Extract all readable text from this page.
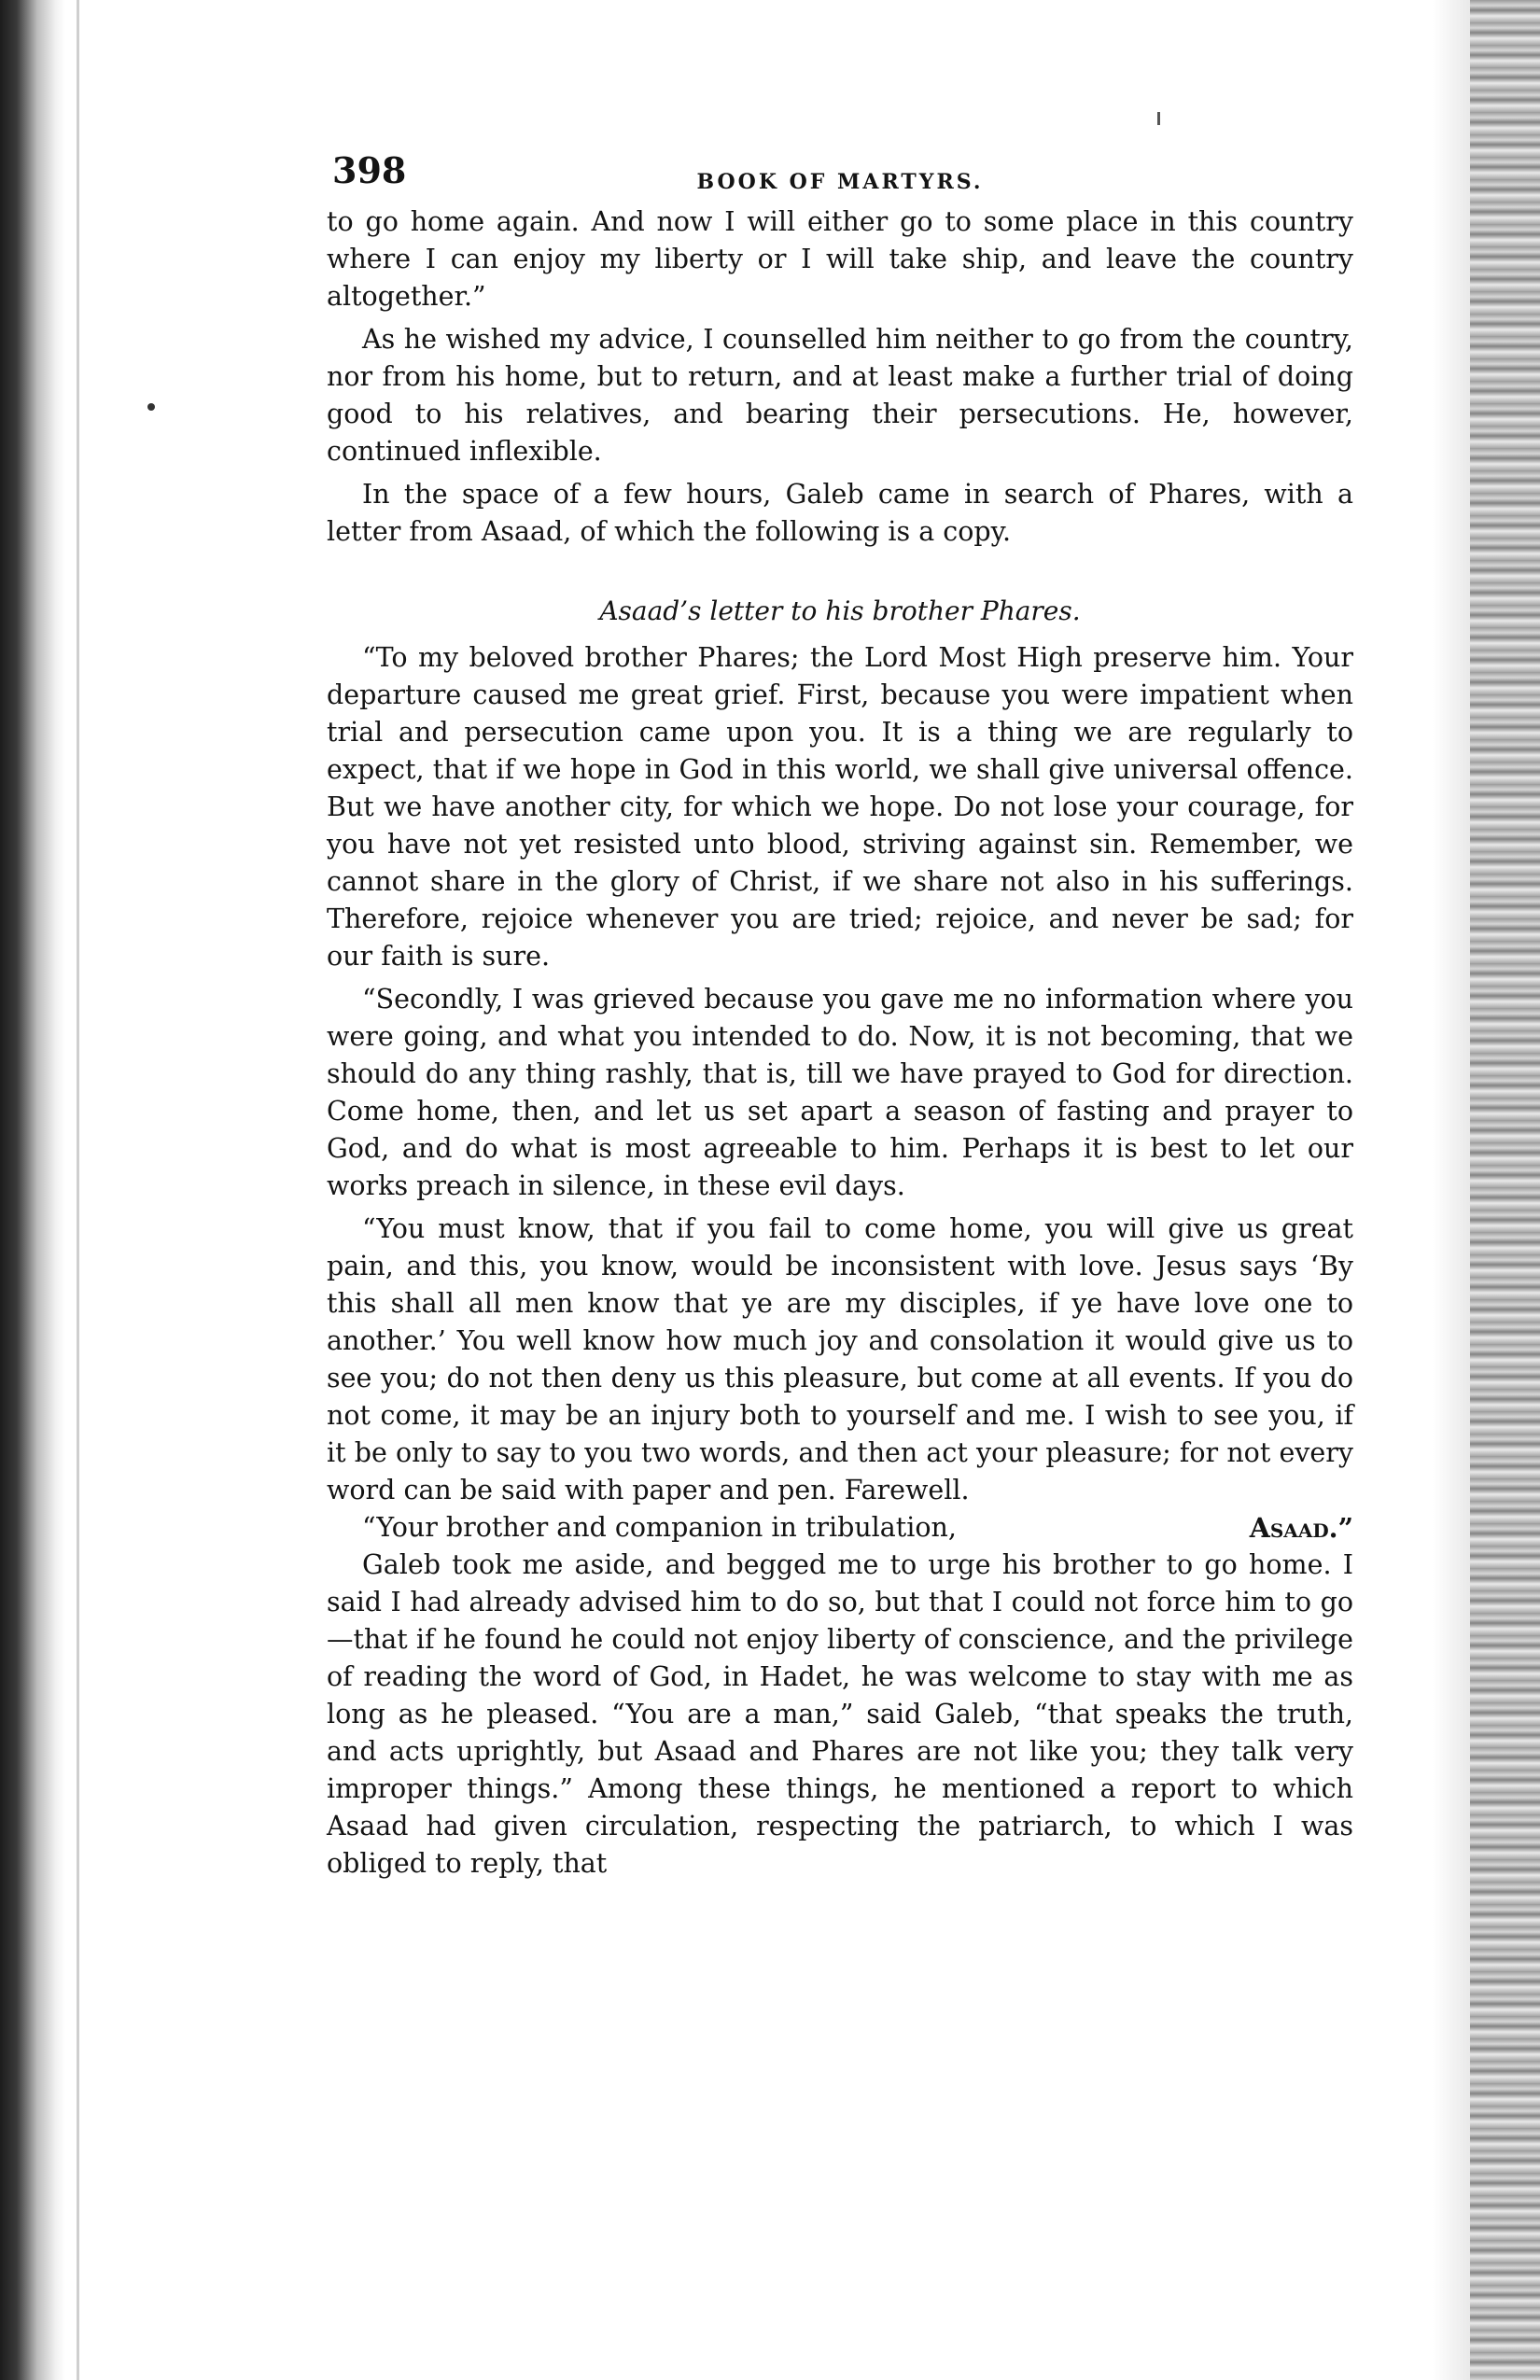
398	BOOK OF MARTYRS.

to go home again. And now I will either go to some place in this country where I can enjoy my liberty or I will take ship, and leave the country altogether.”

As he wished my advice, I counselled him neither to go from the country, nor from his home, but to return, and at least make a further trial of doing good to his relatives, and bearing their persecutions. He, however, continued inflexible.

In the space of a few hours, Galeb came in search of Phares, with a letter from Asaad, of which the following is a copy.

Asaad’s letter to his brother Phares.

“To my beloved brother Phares; the Lord Most High preserve him. Your departure caused me great grief. First, because you were impatient when trial and persecution came upon you. It is a thing we are regularly to expect, that if we hope in God in this world, we shall give universal offence. But we have another city, for which we hope. Do not lose your courage, for you have not yet resisted unto blood, striving against sin. Remember, we cannot share in the glory of Christ, if we share not also in his sufferings. Therefore, rejoice whenever you are tried; rejoice, and never be sad; for our faith is sure.

“Secondly, I was grieved because you gave me no information where you were going, and what you intended to do. Now, it is not becoming, that we should do any thing rashly, that is, till we have prayed to God for direction. Come home, then, and let us set apart a season of fasting and prayer to God, and do what is most agreeable to him. Perhaps it is best to let our works preach in silence, in these evil days.

“You must know, that if you fail to come home, you will give us great pain, and this, you know, would be inconsistent with love. Jesus says ‘By this shall all men know that ye are my disciples, if ye have love one to another.’ You well know how much joy and consolation it would give us to see you; do not then deny us this pleasure, but come at all events. If you do not come, it may be an injury both to yourself and me. I wish to see you, if it be only to say to you two words, and then act your pleasure; for not every word can be said with paper and pen. Farewell.

“Your brother and companion in tribulation,	Asaad.”

Galeb took me aside, and begged me to urge his brother to go home. I said I had already advised him to do so, but that I could not force him to go—that if he found he could not enjoy liberty of conscience, and the privilege of reading the word of God, in Hadet, he was welcome to stay with me as long as he pleased. “You are a man,” said Galeb, “that speaks the truth, and acts uprightly, but Asaad and Phares are not like you; they talk very improper things.” Among these things, he mentioned a report to which Asaad had given circulation, respecting the patriarch, to which I was obliged to reply, that
